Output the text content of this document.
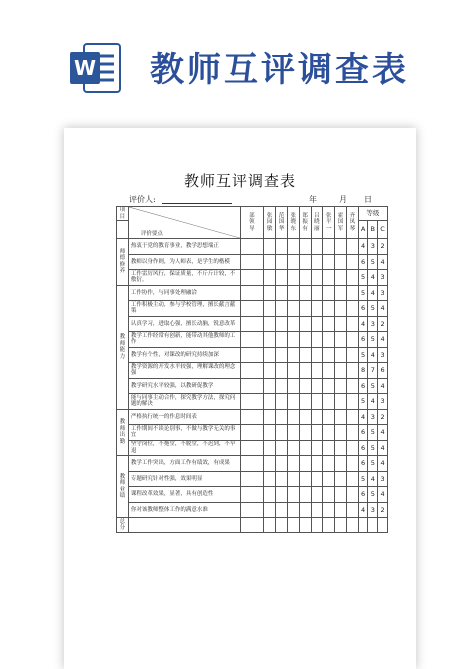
W 教师互评调查表
教师互评调查表
评价人:	年	月 日
项目	评价要点	部领导	张园敏	范国华	张晓东	郑振有	吕晓丽	张平一	霍国军	齐凤琴	等级		
											A	B	C

师德修养	热衷于党的教育事业，教学思想端正										4	3	2
	教师以身作则，为人师表，是学生的楷模										6	5	4
	工作雷厉风行，保证质量，不斤斤计较，不敷衍。										5	4	3

教师能力	工作协作，与同事处理融洽										5	4	3
	工作积极主动，参与学校管理，擅长献言献策										6	5	4
	认真学习，进取心强，擅长动脑，锐意改革										4	3	2
	教学工作经常有创新，能带动其他教师的工作										6	5	4
	教学有个性，对课改的研究持续加深										5	4	3
	教学资源的开发水平较强，理解课改的理念强										8	7	6
	教学研究水平较强，以教研促教学										6	5	4
	能与同事主动合作，探究教学方法，探究问题的解决										5	4	3

教师出勤	严格执行统一的作息时间表										4	3	2
	工作期间不谈论别事，不做与教学无关的事宜										6	5	4
	坚守岗位，不拖堂，不脱堂，不迟到，不早退										6	5	4

教师业绩	教学工作突出，方面工作有绩效，有成果										6	5	4
	专题研究针对性强，效果明显										5	4	3
	课程改革效果，显著，具有创造性										6	5	4
	你对该教师整体工作的满意水准										4	3	2

总分													
